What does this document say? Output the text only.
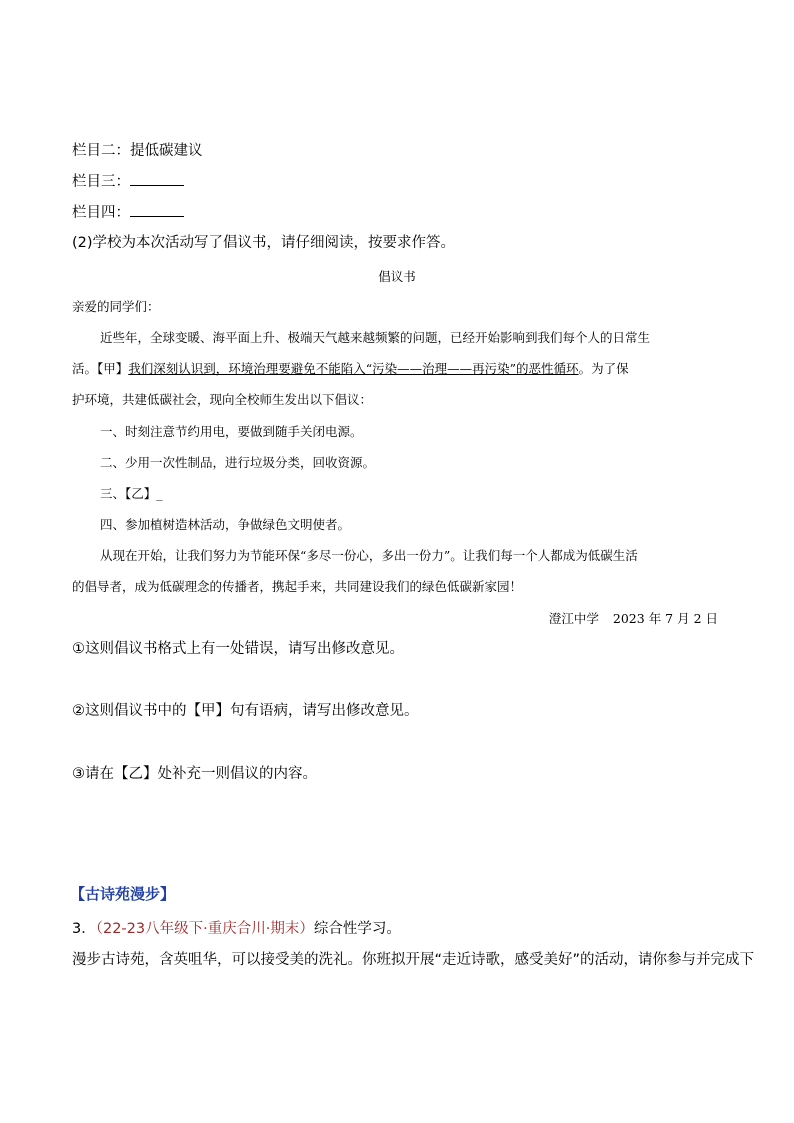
栏目二：提低碳建议
栏目三：
栏目四：
(2)学校为本次活动写了倡议书，请仔细阅读，按要求作答。
倡议书
亲爱的同学们：
近些年，全球变暖、海平面上升、极端天气越来越频繁的问题，已经开始影响到我们每个人的日常生
活。【甲】我们深刻认识到，环境治理要避免不能陷入“污染——治理——再污染”的恶性循环。为了保
护环境，共建低碳社会，现向全校师生发出以下倡议：
一、时刻注意节约用电，要做到随手关闭电源。
二、少用一次性制品，进行垃圾分类，回收资源。
三、【乙】_
四、参加植树造林活动，争做绿色文明使者。
从现在开始，让我们努力为节能环保“多尽一份心，多出一份力”。让我们每一个人都成为低碳生活
的倡导者，成为低碳理念的传播者，携起手来，共同建设我们的绿色低碳新家园！
澄江中学 2023 年 7 月 2 日
①这则倡议书格式上有一处错误，请写出修改意见。
②这则倡议书中的【甲】句有语病，请写出修改意见。
③请在【乙】处补充一则倡议的内容。
【古诗苑漫步】
3．（22-23八年级下·重庆合川·期末）综合性学习。
漫步古诗苑，含英咀华，可以接受美的洗礼。你班拟开展“走近诗歌，感受美好”的活动，请你参与并完成下
